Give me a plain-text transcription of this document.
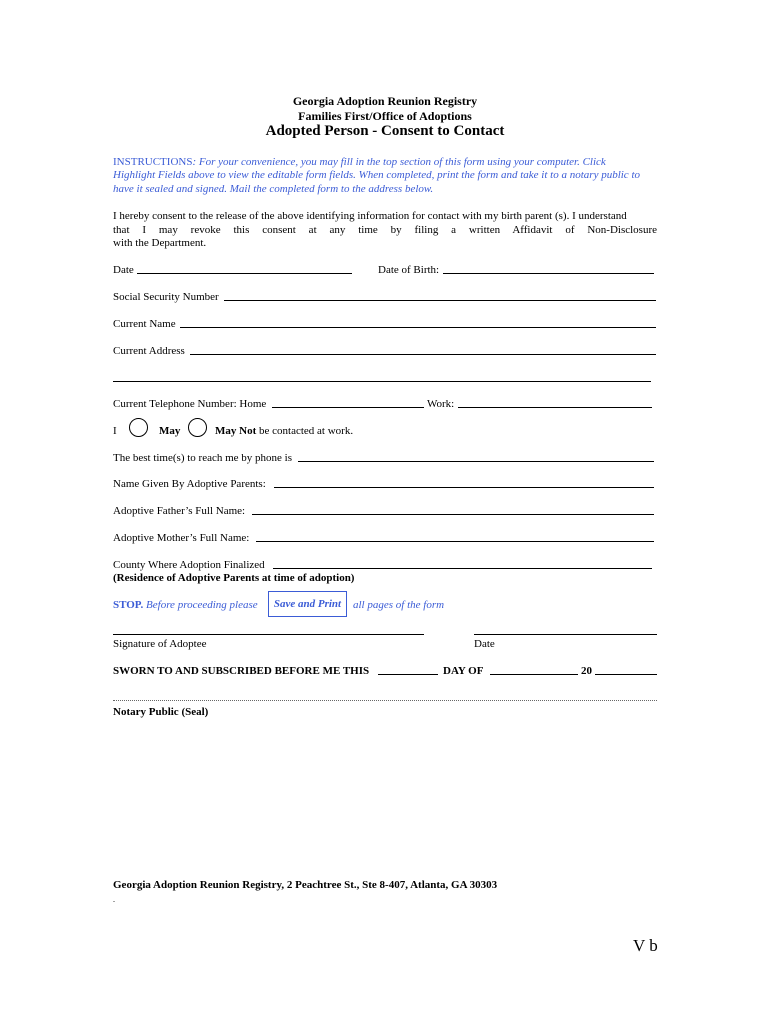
Georgia Adoption Reunion Registry
Families First/Office of Adoptions
Adopted Person - Consent to Contact
INSTRUCTIONS: For your convenience, you may fill in the top section of this form using your computer. Click
Highlight Fields above to view the editable form fields. When completed, print the form and take it to a notary public to
have it sealed and signed. Mail the completed form to the address below.
I hereby consent to the release of the above identifying information for contact with my birth parent (s). I understand
that I may revoke this consent at any time by filing a written Affidavit of Non-Disclosure
with the Department.
Date	Date of Birth:
Social Security Number
Current Name
Current Address
Current Telephone Number: Home	Work:
I	May	May Not be contacted at work.
The best time(s) to reach me by phone is
Name Given By Adoptive Parents:
Adoptive Father’s Full Name:
Adoptive Mother’s Full Name:
County Where Adoption Finalized
(Residence of Adoptive Parents at time of adoption)
STOP. Before proceeding please	Save and Print	all pages of the form
Signature of Adoptee	Date
SWORN TO AND SUBSCRIBED BEFORE ME THIS	DAY OF	20
Notary Public (Seal)
Georgia Adoption Reunion Registry, 2 Peachtree St., Ste 8-407, Atlanta, GA 30303
.
V b
